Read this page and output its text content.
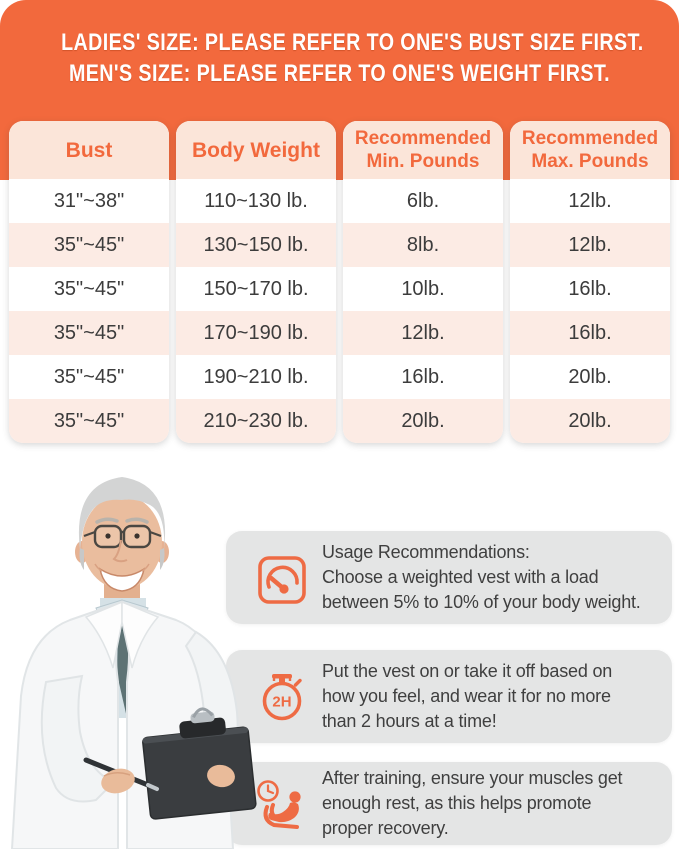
LADIES' SIZE: PLEASE REFER TO ONE'S BUST SIZE FIRST.
MEN'S SIZE: PLEASE REFER TO ONE'S WEIGHT FIRST.
Bust
31"~38"
35"~45"
35"~45"
35"~45"
35"~45"
35"~45"
Body Weight
110~130 lb.
130~150 lb.
150~170 lb.
170~190 lb.
190~210 lb.
210~230 lb.
Recommended
Min. Pounds
6lb.
8lb.
10lb.
12lb.
16lb.
20lb.
Recommended
Max. Pounds
12lb.
12lb.
16lb.
16lb.
20lb.
20lb.
Usage Recommendations:
Choose a weighted vest with a load
between 5% to 10% of your body weight.
2H
Put the vest on or take it off based on
how you feel, and wear it for no more
than 2 hours at a time!
After training, ensure your muscles get
enough rest, as this helps promote
proper recovery.
